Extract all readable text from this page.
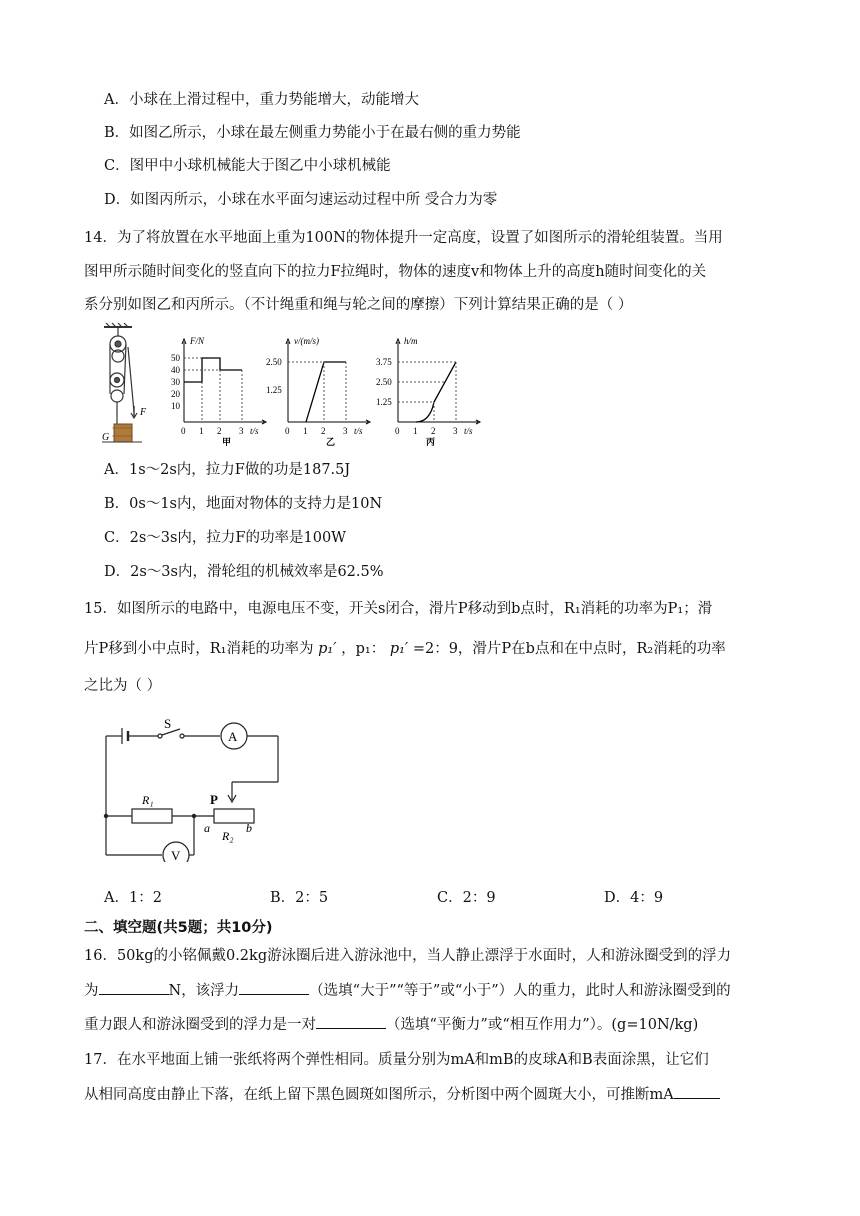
A．小球在上滑过程中，重力势能增大，动能增大
B．如图乙所示，小球在最左侧重力势能小于在最右侧的重力势能
C．图甲中小球机械能大于图乙中小球机械能
D．如图丙所示，小球在水平面匀速运动过程中所 受合力为零
14．为了将放置在水平地面上重为100N的物体提升一定高度，设置了如图所示的滑轮组装置。当用
图甲所示随时间变化的竖直向下的拉力F拉绳时，物体的速度v和物体上升的高度h随时间变化的关
系分别如图乙和丙所示。（不计绳重和绳与轮之间的摩擦）下列计算结果正确的是（ ）
F
G
F/N
50
40
30
20
10
0 1 2 3 t/s
甲
v/(m/s)
2.50
1.25
0 1 2 3 t/s
乙
h/m
3.75
2.50
1.25
0 1 2 3 t/s
丙
A．1s～2s内，拉力F做的功是187.5J
B．0s～1s内，地面对物体的支持力是10N
C．2s～3s内，拉力F的功率是100W
D．2s～3s内，滑轮组的机械效率是62.5%
15．如图所示的电路中，电源电压不变，开关s闭合，滑片P移动到b点时，R₁消耗的功率为P₁；滑
片P移到小中点时，R₁消耗的功率为 p₁′ ，p₁： p₁′ =2：9，滑片P在b点和在中点时，R₂消耗的功率
之比为（ ）
S
A
V
R₁	P
a	b
R₂
A．1：2	B．2：5	C．2：9	D．4：9
二、填空题(共5题；共10分)
16．50kg的小铭佩戴0.2kg游泳圈后进入游泳池中，当人静止漂浮于水面时，人和游泳圈受到的浮力
为	N，该浮力	（选填“大于”“等于”或“小于”）人的重力，此时人和游泳圈受到的
重力跟人和游泳圈受到的浮力是一对	（选填“平衡力”或“相互作用力”）。(g=10N/kg)
17．在水平地面上铺一张纸将两个弹性相同。质量分别为mA和mB的皮球A和B表面涂黑，让它们
从相同高度由静止下落，在纸上留下黑色圆斑如图所示，分析图中两个圆斑大小，可推断mA
